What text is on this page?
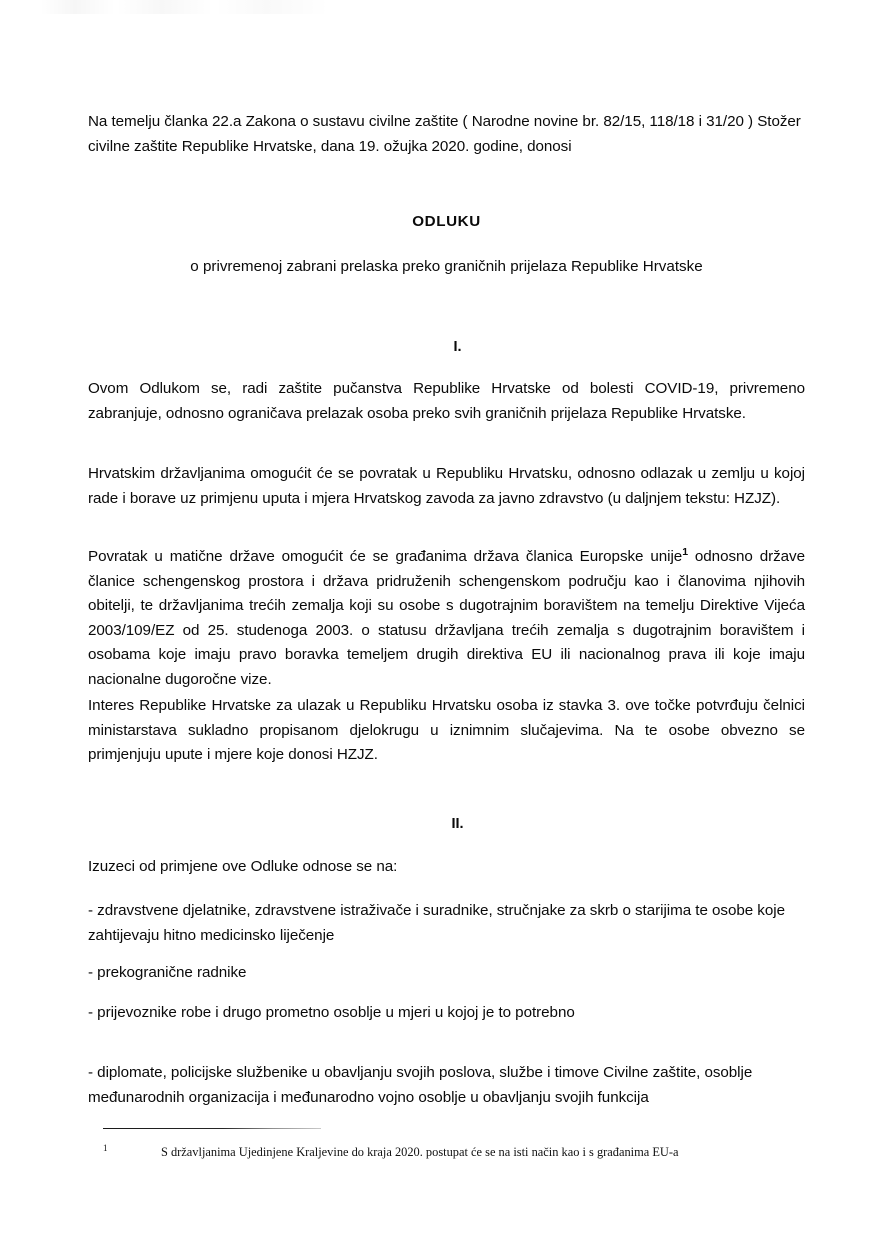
Na temelju članka 22.a Zakona o sustavu civilne zaštite ( Narodne novine br. 82/15, 118/18 i 31/20 ) Stožer civilne zaštite Republike Hrvatske, dana 19. ožujka 2020. godine, donosi

ODLUKU
o privremenoj zabrani prelaska preko graničnih prijelaza Republike Hrvatske
I.

Ovom Odlukom se, radi zaštite pučanstva Republike Hrvatske od bolesti COVID-19, privremeno zabranjuje, odnosno ograničava prelazak osoba preko svih graničnih prijelaza Republike Hrvatske.

Hrvatskim državljanima omogućit će se povratak u Republiku Hrvatsku, odnosno odlazak u zemlju u kojoj rade i borave uz primjenu uputa i mjera Hrvatskog zavoda za javno zdravstvo (u daljnjem tekstu: HZJZ).

Povratak u matične države omogućit će se građanima država članica Europske unije$^1$ odnosno države članice schengenskog prostora i država pridruženih schengenskom području kao i članovima njihovih obitelji, te državljanima trećih zemalja koji su osobe s dugotrajnim boravištem na temelju Direktive Vijeća 2003/109/EZ od 25. studenoga 2003. o statusu državljana trećih zemalja s dugotrajnim boravištem i osobama koje imaju pravo boravka temeljem drugih direktiva EU ili nacionalnog prava ili koje imaju nacionalne dugoročne vize.

Interes Republike Hrvatske za ulazak u Republiku Hrvatsku osoba iz stavka 3. ove točke potvrđuju čelnici ministarstava sukladno propisanom djelokrugu u iznimnim slučajevima. Na te osobe obvezno se primjenjuju upute i mjere koje donosi HZJZ.

II.

Izuzeci od primjene ove Odluke odnose se na:

- zdravstvene djelatnike, zdravstvene istraživače i suradnike, stručnjake za skrb o starijima te osobe koje zahtijevaju hitno medicinsko liječenje

- prekogranične radnike

- prijevoznike robe i drugo prometno osoblje u mjeri u kojoj je to potrebno

- diplomate, policijske službenike u obavljanju svojih poslova, službe i timove Civilne zaštite, osoblje međunarodnih organizacija i međunarodno vojno osoblje u obavljanju svojih funkcija

1	S državljanima Ujedinjene Kraljevine do kraja 2020. postupat će se na isti način kao i s građanima EU-a
